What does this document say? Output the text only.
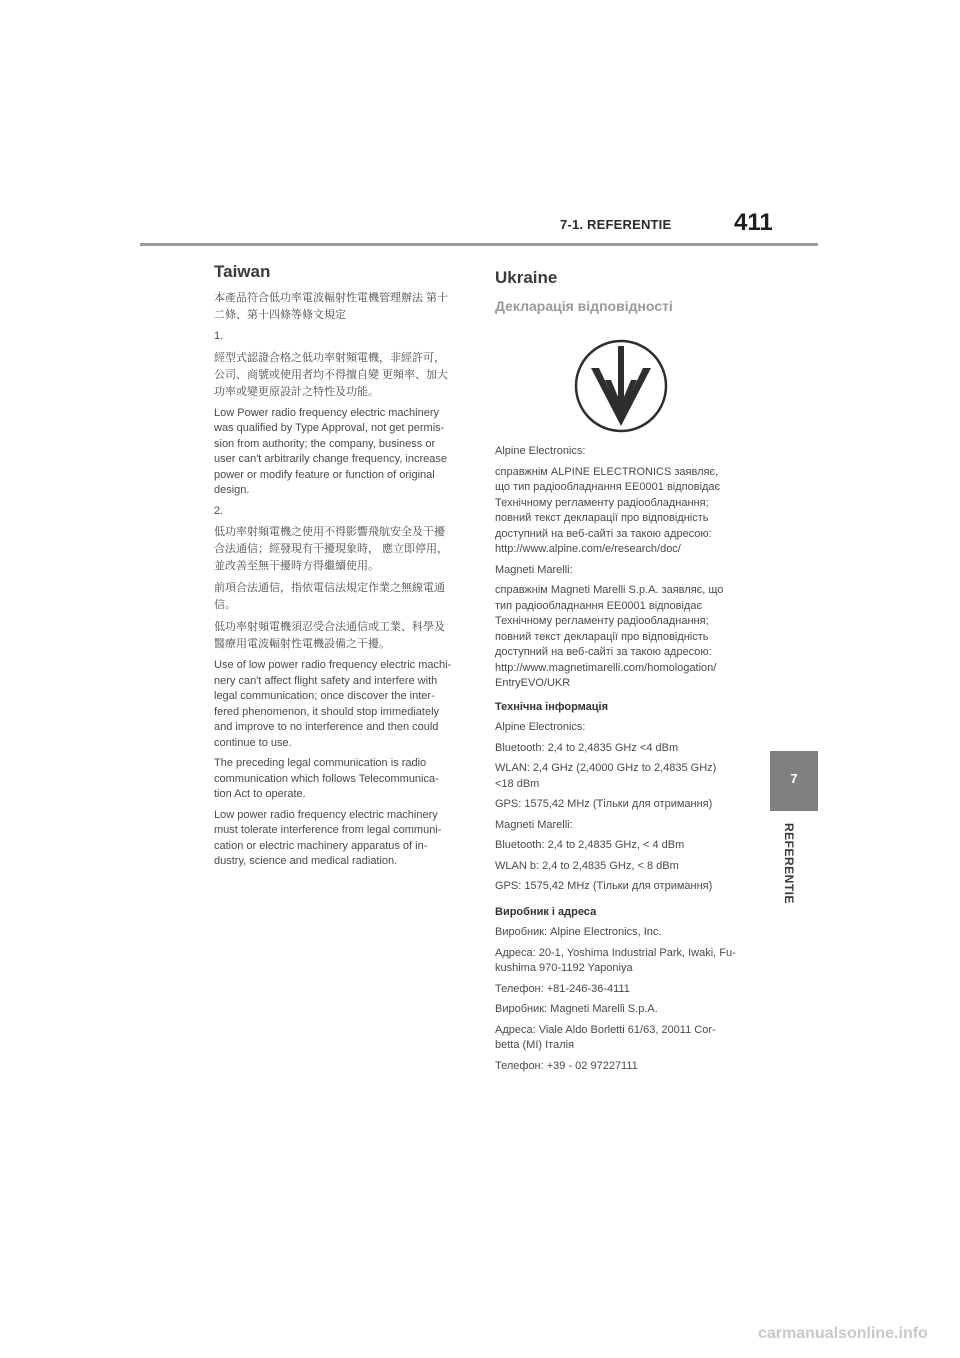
7-1. REFERENTIE	411
7
REFERENTIE
Taiwan

本產品符合低功率電波輻射性電機管理辦法 第十
二條、第十四條等條文規定

1.

經型式認證合格之低功率射頻電機，非經許可，
公司、商號或使用者均不得擅自變 更頻率、加大
功率或變更原設計之特性及功能。

Low Power radio frequency electric machinery
was qualified by Type Approval, not get permis-
sion from authority; the company, business or
user can't arbitrarily change frequency, increase
power or modify feature or function of original
design.

2.

低功率射頻電機之使用不得影響飛航安全及干擾
合法通信；經發現有干擾現象時， 應立即停用，
並改善至無干擾時方得繼續使用。

前項合法通信，指依電信法規定作業之無線電通
信。

低功率射頻電機須忍受合法通信或工業、科學及
醫療用電波輻射性電機設備之干擾。

Use of low power radio frequency electric machi-
nery can't affect flight safety and interfere with
legal communication; once discover the inter-
fered phenomenon, it should stop immediately
and improve to no interference and then could
continue to use.

The preceding legal communication is radio
communication which follows Telecommunica-
tion Act to operate.

Low power radio frequency electric machinery
must tolerate interference from legal communi-
cation or electric machinery apparatus of in-
dustry, science and medical radiation.

Ukraine
Декларація відповідності

Alpine Electronics:

справжнім ALPINE ELECTRONICS заявляє,
що тип радіообладнання EE0001 відповідає
Технічному регламенту радіообладнання;
повний текст декларації про відповідність
доступний на веб-сайті за такою адресою:
http://www.alpine.com/e/research/doc/

Magneti Marelli:

справжнім Magneti Marelli S.p.A. заявляє, що
тип радіообладнання EE0001 відповідає
Технічному регламенту радіообладнання;
повний текст декларації про відповідність
доступний на веб-сайті за такою адресою:
http://www.magnetimarelli.com/homologation/
EntryEVO/UKR

Технічна інформація

Alpine Electronics:

Bluetooth: 2,4 to 2,4835 GHz <4 dBm

WLAN: 2,4 GHz (2,4000 GHz to 2,4835 GHz)
<18 dBm

GPS: 1575,42 MHz (Тільки для отримання)

Magneti Marelli:

Bluetooth: 2,4 to 2,4835 GHz, < 4 dBm

WLAN b: 2,4 to 2,4835 GHz, < 8 dBm

GPS: 1575,42 MHz (Тільки для отримання)

Виробник і адреса

Виробник: Alpine Electronics, Inc.

Адреса: 20-1, Yoshima Industrial Park, Iwaki, Fu-
kushima 970-1192 Yaponiya

Телефон: +81-246-36-4111

Виробник: Magneti Marelli S.p.A.

Адреса: Viale Aldo Borletti 61/63, 20011 Cor-
betta (MI) Італія

Телефон: +39 - 02 97227111

carmanualsonline.info
